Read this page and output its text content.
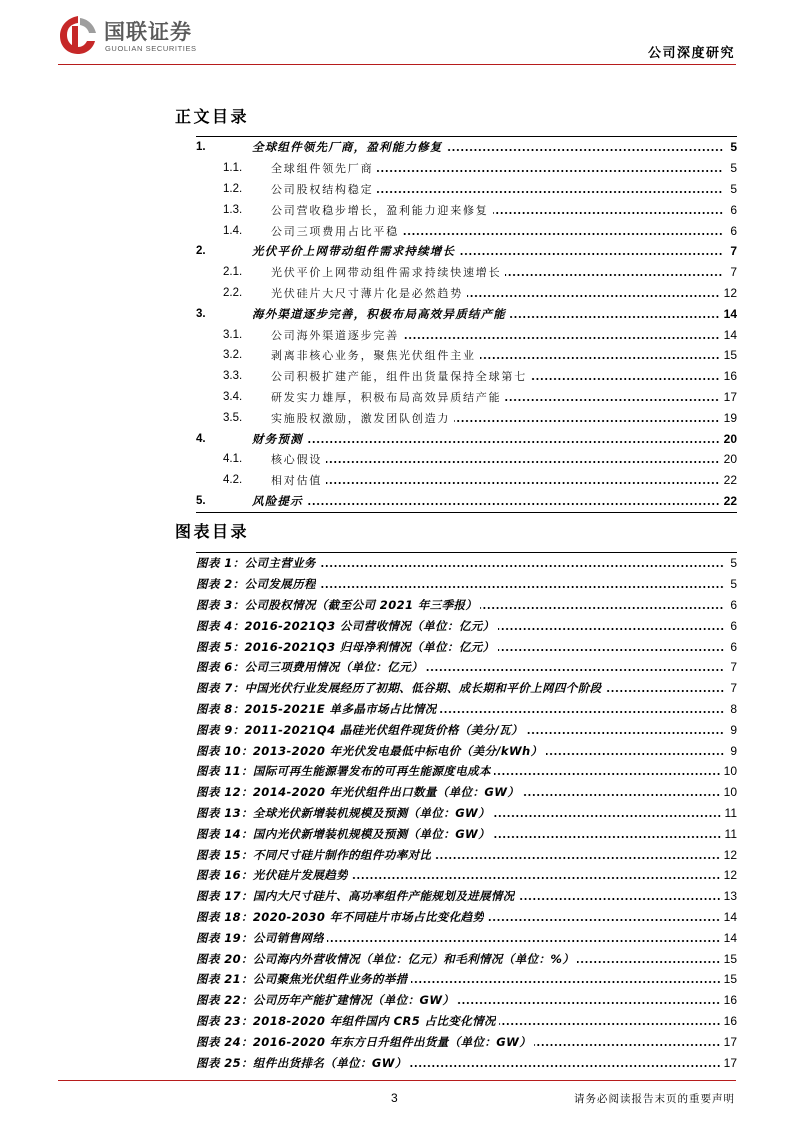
国联证券
GUOLIAN SECURITIES	公司深度研究
正文目录
1.	全球组件领先厂商，盈利能力修复	5
1.1.	全球组件领先厂商	5
1.2.	公司股权结构稳定	5
1.3.	公司营收稳步增长，盈利能力迎来修复	6
1.4.	公司三项费用占比平稳	6
2.	光伏平价上网带动组件需求持续增长	7
2.1.	光伏平价上网带动组件需求持续快速增长	7
2.2.	光伏硅片大尺寸薄片化是必然趋势	12
3.	海外渠道逐步完善，积极布局高效异质结产能	14
3.1.	公司海外渠道逐步完善	14
3.2.	剥离非核心业务，聚焦光伏组件主业	15
3.3.	公司积极扩建产能，组件出货量保持全球第七	16
3.4.	研发实力雄厚，积极布局高效异质结产能	17
3.5.	实施股权激励，激发团队创造力	19
4.	财务预测	20
4.1.	核心假设	20
4.2.	相对估值	22
5.	风险提示	22
图表目录
图表 1：公司主营业务	5
图表 2：公司发展历程	5
图表 3：公司股权情况（截至公司 2021 年三季报）	6
图表 4：2016-2021Q3 公司营收情况（单位：亿元）	6
图表 5：2016-2021Q3 归母净利情况（单位：亿元）	6
图表 6：公司三项费用情况（单位：亿元）	7
图表 7：中国光伏行业发展经历了初期、低谷期、成长期和平价上网四个阶段	7
图表 8：2015-2021E 单多晶市场占比情况	8
图表 9：2011-2021Q4 晶硅光伏组件现货价格（美分/瓦）	9
图表 10：2013-2020 年光伏发电最低中标电价（美分/kWh）	9
图表 11：国际可再生能源署发布的可再生能源度电成本	10
图表 12：2014-2020 年光伏组件出口数量（单位：GW）	10
图表 13：全球光伏新增装机规模及预测（单位：GW）	11
图表 14：国内光伏新增装机规模及预测（单位：GW）	11
图表 15：不同尺寸硅片制作的组件功率对比	12
图表 16：光伏硅片发展趋势	12
图表 17：国内大尺寸硅片、高功率组件产能规划及进展情况	13
图表 18：2020-2030 年不同硅片市场占比变化趋势	14
图表 19：公司销售网络	14
图表 20：公司海内外营收情况（单位：亿元）和毛利情况（单位：%）	15
图表 21：公司聚焦光伏组件业务的举措	15
图表 22：公司历年产能扩建情况（单位：GW）	16
图表 23：2018-2020 年组件国内 CR5 占比变化情况	16
图表 24：2016-2020 年东方日升组件出货量（单位：GW）	17
图表 25：组件出货排名（单位：GW）	17
3	请务必阅读报告末页的重要声明
